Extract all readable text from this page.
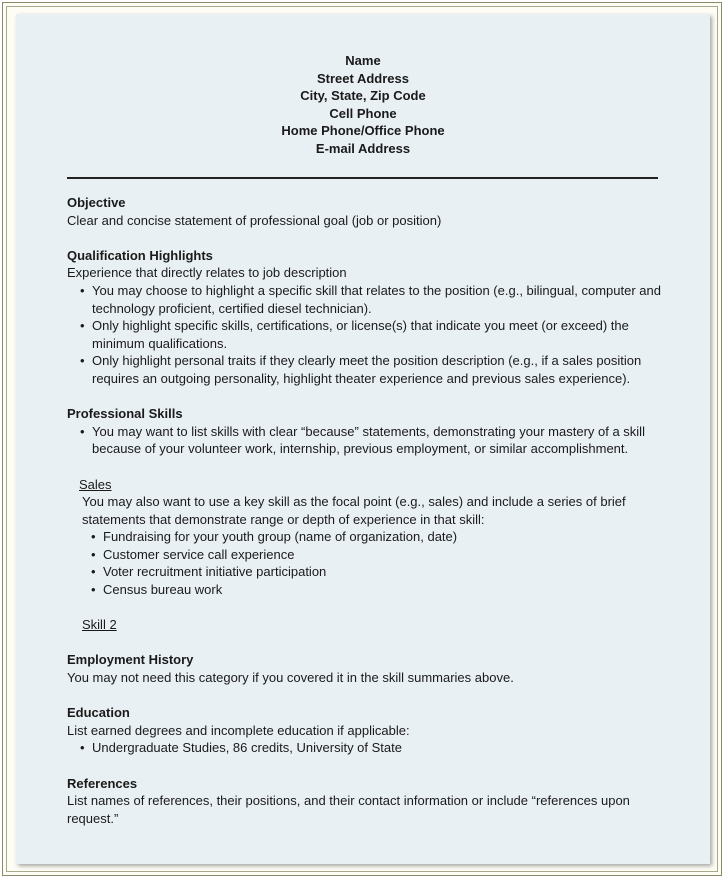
Name
Street Address
City, State, Zip Code
Cell Phone
Home Phone/Office Phone
E-mail Address
Objective
Clear and concise statement of professional goal (job or position)
Qualification Highlights
Experience that directly relates to job description
• You may choose to highlight a specific skill that relates to the position (e.g., bilingual, computer and technology proficient, certified diesel technician).
• Only highlight specific skills, certifications, or license(s) that indicate you meet (or exceed) the minimum qualifications.
• Only highlight personal traits if they clearly meet the position description (e.g., if a sales position requires an outgoing personality, highlight theater experience and previous sales experience).
Professional Skills
• You may want to list skills with clear “because” statements, demonstrating your mastery of a skill because of your volunteer work, internship, previous employment, or similar accomplishment.
Sales
You may also want to use a key skill as the focal point (e.g., sales) and include a series of brief statements that demonstrate range or depth of experience in that skill:
• Fundraising for your youth group (name of organization, date)
• Customer service call experience
• Voter recruitment initiative participation
• Census bureau work
Skill 2
Employment History
You may not need this category if you covered it in the skill summaries above.
Education
List earned degrees and incomplete education if applicable:
• Undergraduate Studies, 86 credits, University of State
References
List names of references, their positions, and their contact information or include “references upon request.”
